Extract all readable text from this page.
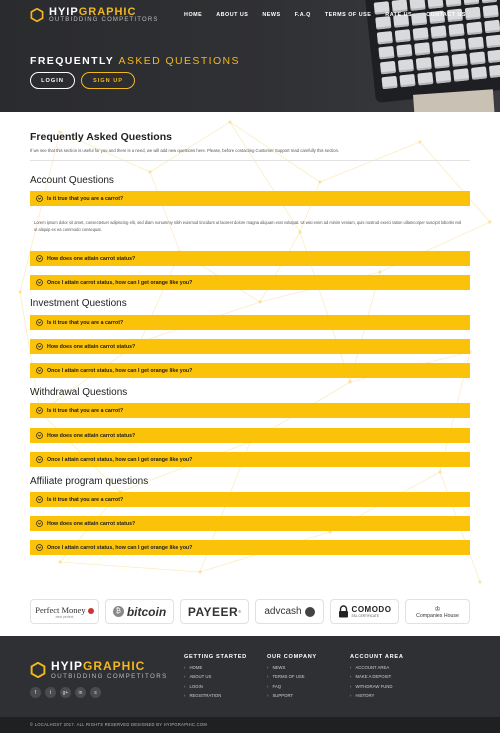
HYIPGRAPHIC
OUTBIDDING COMPETITORS
HOME	ABOUT US	NEWS	F.A.Q	TERMS OF USE	RATE US	CONTACT US
FREQUENTLY ASKED QUESTIONS
LOGIN	SIGN UP
Frequently Asked Questions
If we see that this section is useful for you and there is a need, we will add new questions here. Please, before contacting Customer Support read carefully this section.
Account Questions
Investment Questions
Withdrawal Questions
Affiliate program questions
Is it true that you are a carrot?
Lorem ipsum dolor sit amet, consectetuer adipiscing elit, sed diam nonummy nibh euismod tincidunt ut laoreet dolore magna aliquam erat volutpat. Ut wisi enim ad minim veniam, quis nostrud exerci tation ullamcorper suscipit lobortis nisl ut aliquip ex ea commodo consequat.
How does one attain carrot status?
Once I attain carrot status, how can I get orange like you?
Is it true that you are a carrot?
How does one attain carrot status?
Once I attain carrot status, how can I get orange like you?
Is it true that you are a carrot?
How does one attain carrot status?
Once I attain carrot status, how can I get orange like you?
Is it true that you are a carrot?
How does one attain carrot status?
Once I attain carrot status, how can I get orange like you?
Perfect Money
best perfect
₿ bitcoin PAYEER ® advcash	COMODO
SSL CERTIFICATE
♔
Companies House
HYIPGRAPHIC
OUTBIDDING COMPETITORS
f	t	g+	in	s
GETTING STARTED
› HOME
› ABOUT US
› LOGIN
› REGISTRATION
OUR COMPANY
› NEWS
› TERMS OF USE
› FAQ
› SUPPORT
ACCOUNT AREA
› ACCOUNT AREA
› MAKE A DEPOSIT
› WITHDRAW FUND
› HISTORY

© LOCALHOST 2017. ALL RIGHTS RESERVED DESIGNED BY HYIPGRAPHIC.COM
